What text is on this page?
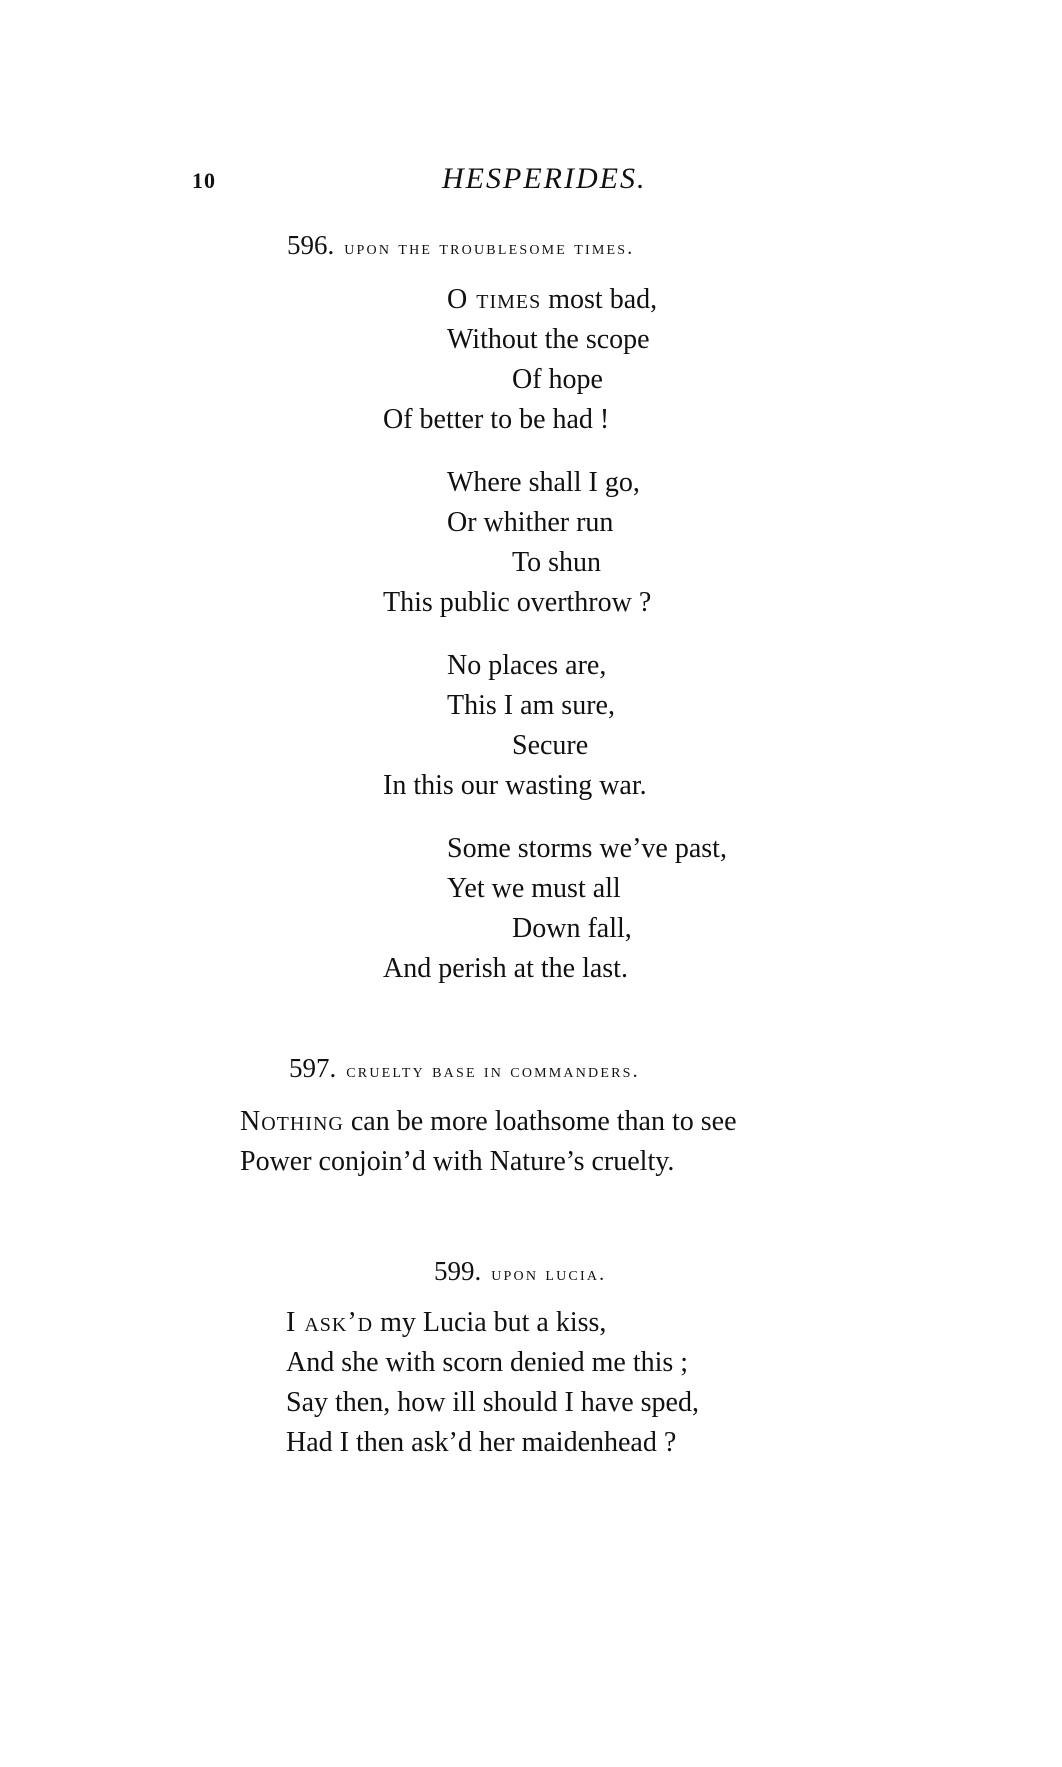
10	HESPERIDES.
596. upon the troublesome times.
O times most bad,
Without the scope
Of hope
Of better to be had !
Where shall I go,
Or whither run
To shun
This public overthrow ?
No places are,
This I am sure,
Secure
In this our wasting war.
Some storms we’ve past,
Yet we must all
Down fall,
And perish at the last.
597. cruelty base in commanders.
Nothing can be more loathsome than to see
Power conjoin’d with Nature’s cruelty.
599. upon lucia.
I ask’d my Lucia but a kiss,
And she with scorn denied me this ;
Say then, how ill should I have sped,
Had I then ask’d her maidenhead ?
